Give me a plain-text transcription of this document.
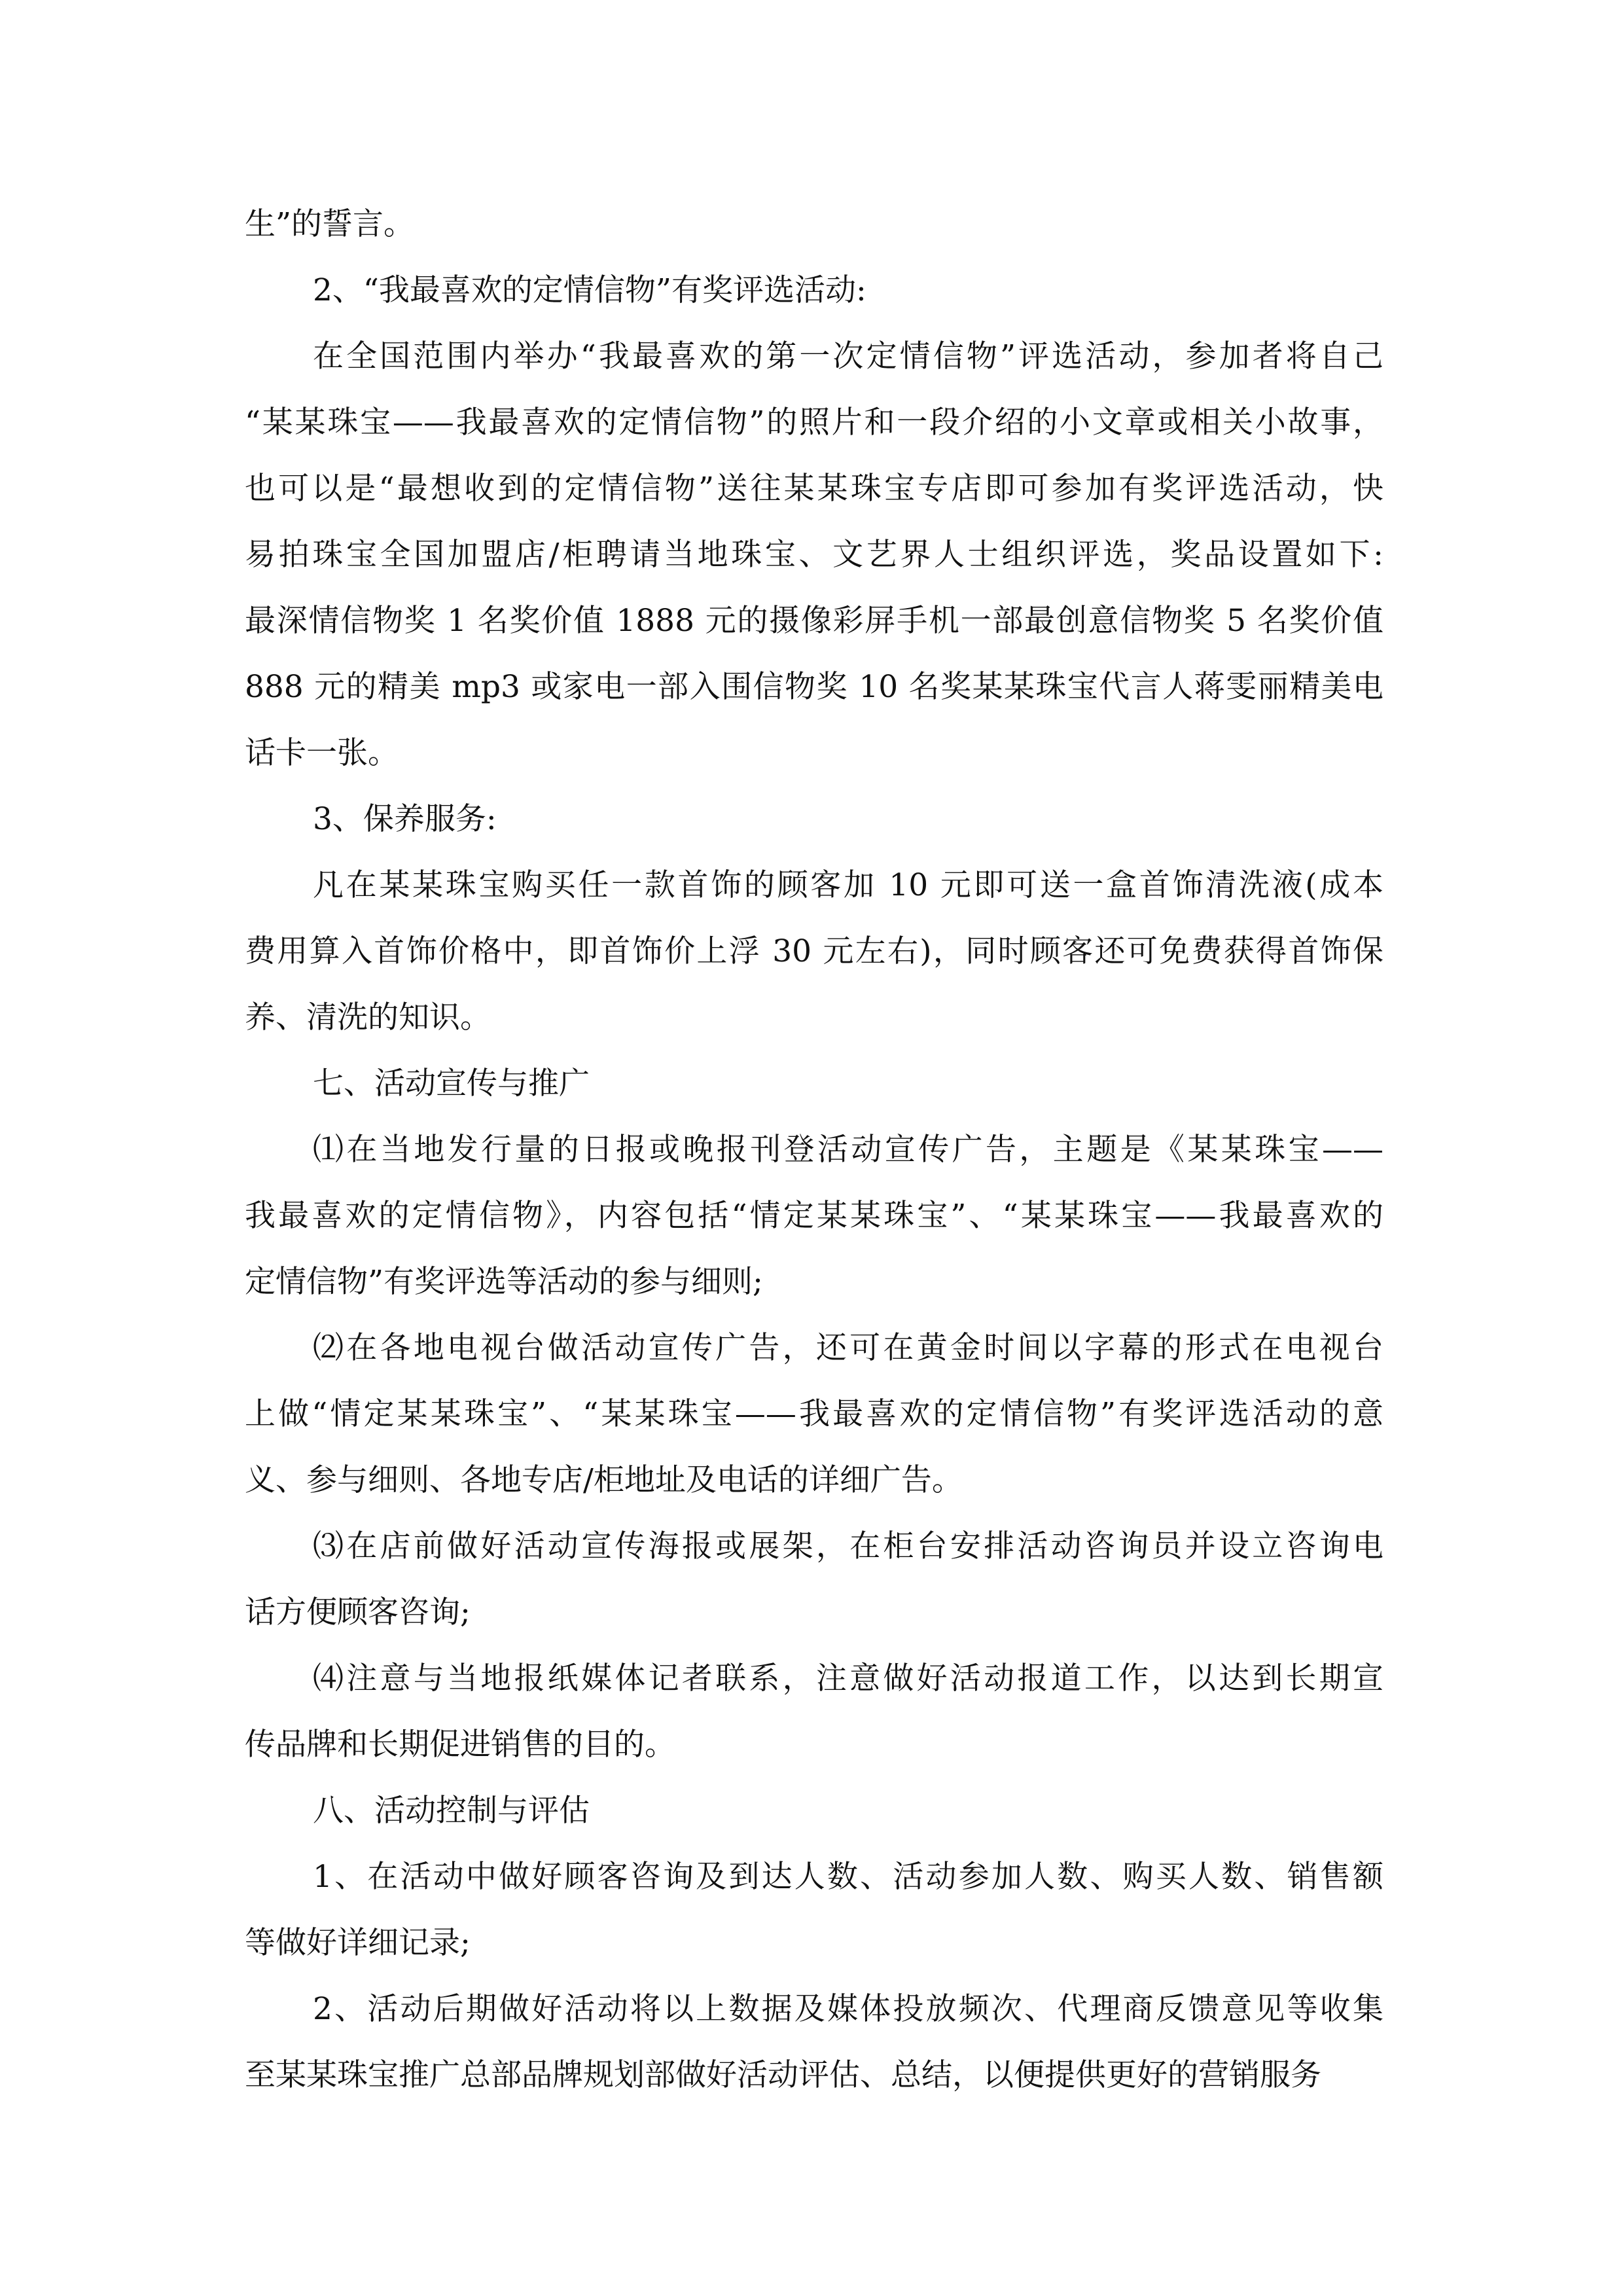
生”的誓言。
2、“我最喜欢的定情信物”有奖评选活动:
在全国范围内举办“我最喜欢的第一次定情信物”评选活动，参加者将自己
“某某珠宝——我最喜欢的定情信物”的照片和一段介绍的小文章或相关小故事，
也可以是“最想收到的定情信物”送往某某珠宝专店即可参加有奖评选活动，快
易拍珠宝全国加盟店/柜聘请当地珠宝、文艺界人士组织评选，奖品设置如下:
最深情信物奖 1 名奖价值 1888 元的摄像彩屏手机一部最创意信物奖 5 名奖价值
888 元的精美 mp3 或家电一部入围信物奖 10 名奖某某珠宝代言人蒋雯丽精美电
话卡一张。
3、保养服务:
凡在某某珠宝购买任一款首饰的顾客加 10 元即可送一盒首饰清洗液(成本
费用算入首饰价格中，即首饰价上浮 30 元左右)，同时顾客还可免费获得首饰保
养、清洗的知识。
七、活动宣传与推广
⑴在当地发行量的日报或晚报刊登活动宣传广告，主题是《某某珠宝——
我最喜欢的定情信物》，内容包括“情定某某珠宝”、“某某珠宝——我最喜欢的
定情信物”有奖评选等活动的参与细则;
⑵在各地电视台做活动宣传广告，还可在黄金时间以字幕的形式在电视台
上做“情定某某珠宝”、“某某珠宝——我最喜欢的定情信物”有奖评选活动的意
义、参与细则、各地专店/柜地址及电话的详细广告。
⑶在店前做好活动宣传海报或展架，在柜台安排活动咨询员并设立咨询电
话方便顾客咨询;
⑷注意与当地报纸媒体记者联系，注意做好活动报道工作，以达到长期宣
传品牌和长期促进销售的目的。
八、活动控制与评估
1、在活动中做好顾客咨询及到达人数、活动参加人数、购买人数、销售额
等做好详细记录;
2、活动后期做好活动将以上数据及媒体投放频次、代理商反馈意见等收集
至某某珠宝推广总部品牌规划部做好活动评估、总结，以便提供更好的营销服务
